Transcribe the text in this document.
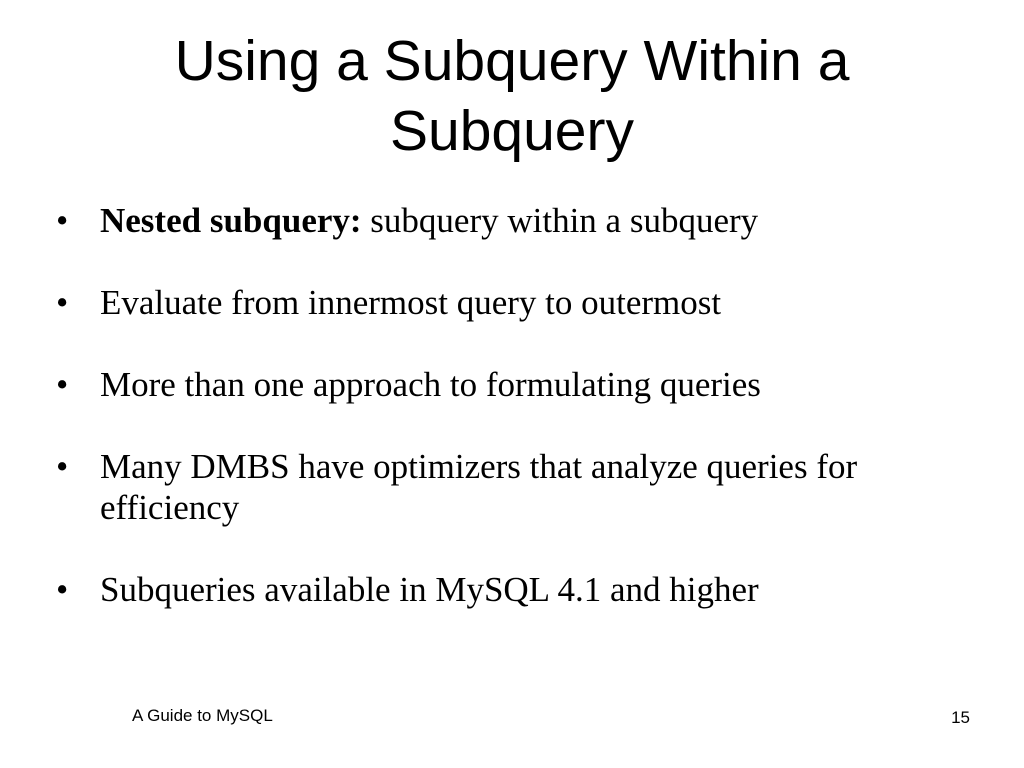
Using a Subquery Within a Subquery
• Nested subquery: subquery within a subquery
• Evaluate from innermost query to outermost
• More than one approach to formulating queries
• Many DMBS have optimizers that analyze queries for efficiency
• Subqueries available in MySQL 4.1 and higher
A Guide to MySQL	15
